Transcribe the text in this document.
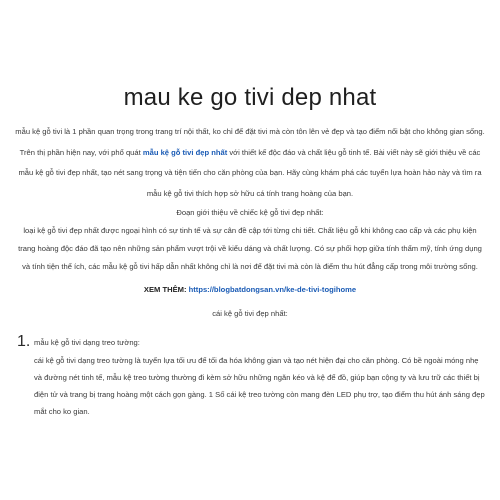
mau ke go tivi dep nhat

mẫu kệ gỗ tivi là 1 phần quan trọng trong trang trí nội thất, ko chỉ để đặt tivi mà còn tôn lên vẻ đẹp và tạo điểm nổi bật cho không gian sống. Trên thị phần hiện nay, với phổ quát mẫu kệ gỗ tivi đẹp nhất với thiết kế độc đáo và chất liệu gỗ tinh tế. Bài viết này sẽ giới thiệu về các mẫu kệ gỗ tivi đẹp nhất, tạo nét sang trọng và tiện tiến cho căn phòng của bạn. Hãy cùng khám phá các tuyển lựa hoàn hảo này và tìm ra mẫu kệ gỗ tivi thích hợp sở hữu cá tính trang hoàng của bạn.

Đoạn giới thiệu về chiếc kệ gỗ tivi đẹp nhất:

loại kệ gỗ tivi đẹp nhất được ngoại hình có sự tinh tế và sự cân đề cập tới từng chi tiết. Chất liệu gỗ khi không cao cấp và các phụ kiện trang hoàng độc đáo đã tạo nên những sản phẩm vượt trội về kiểu dáng và chất lượng. Có sự phối hợp giữa tính thẩm mỹ, tính ứng dụng và tính tiện thể ích, các mẫu kệ gỗ tivi hấp dẫn nhất không chỉ là nơi để đặt tivi mà còn là điểm thu hút đẳng cấp trong môi trường sống.

XEM THÊM: https://blogbatdongsan.vn/ke-de-tivi-togihome

cái kệ gỗ tivi đẹp nhất:

1. mẫu kệ gỗ tivi dạng treo tường:

cái kệ gỗ tivi dạng treo tường là tuyển lựa tối ưu để tối đa hóa không gian và tạo nét hiện đại cho căn phòng. Có bề ngoài móng nhẹ và đường nét tinh tế, mẫu kệ treo tường thường đi kèm sở hữu những ngăn kéo và kệ để đồ, giúp bạn cộng ty và lưu trữ các thiết bị điện tử và trang bị trang hoàng một cách gọn gàng. 1 Số cái kệ treo tường còn mang đèn LED phụ trợ, tạo điểm thu hút ánh sáng đẹp mắt cho ko gian.
